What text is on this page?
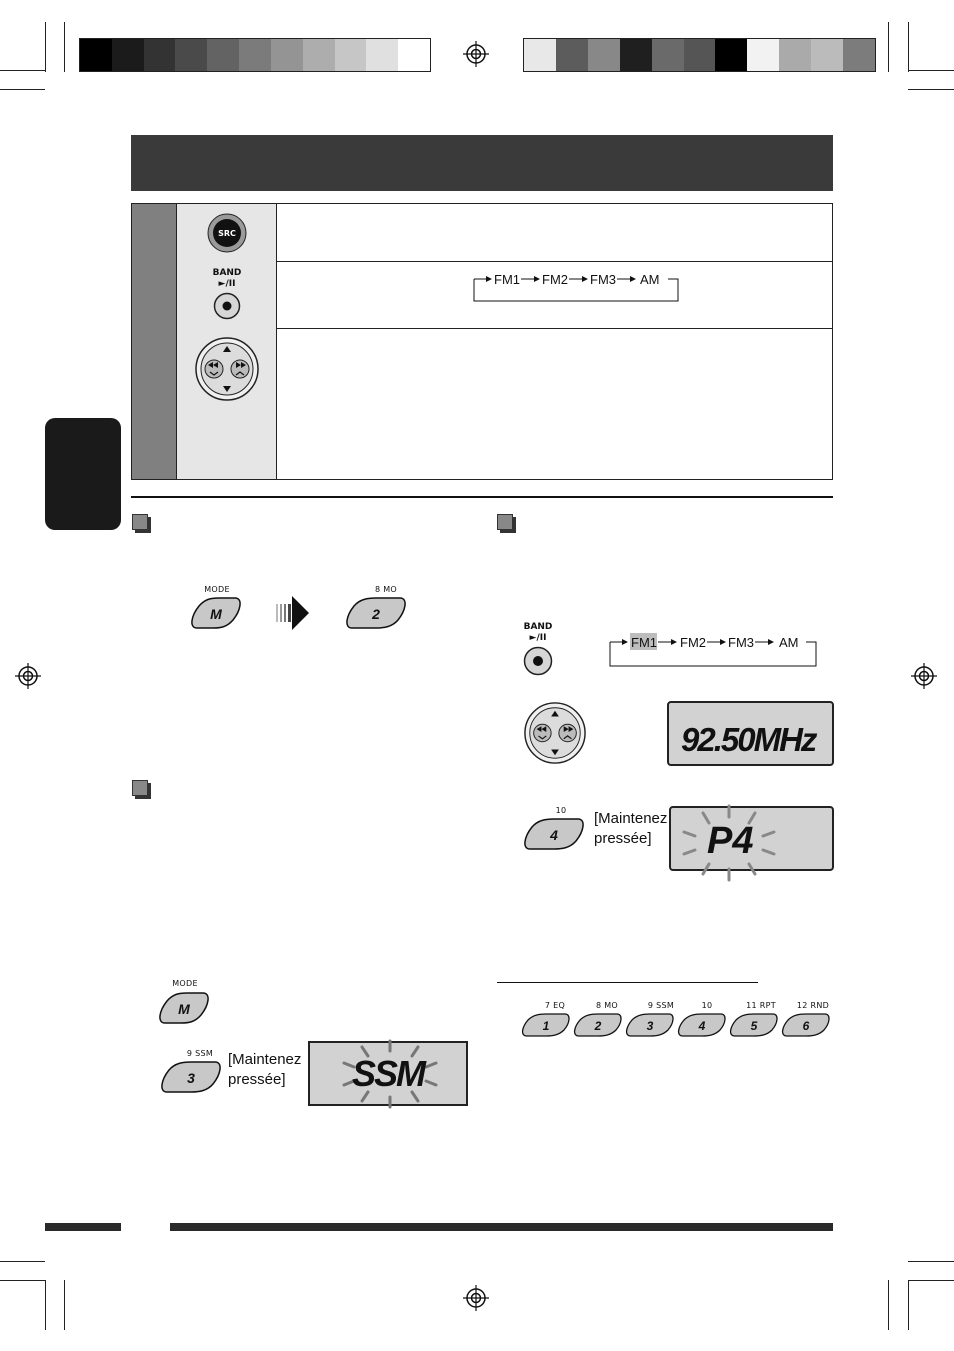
SRC
BAND
►/II	FM1 FM2 FM3 AM
MODE
M
8 MO
2
MODE
M
9 SSM
3
[Maintenez
pressée]	SSM
BAND
►/II	FM1 FM2 FM3 AM
92.50MHz
10
4
[Maintenez
pressée]	P4
7 EQ	8 MO	9 SSM	10	11 RPT	12 RND
1	2	3	4	5	6
